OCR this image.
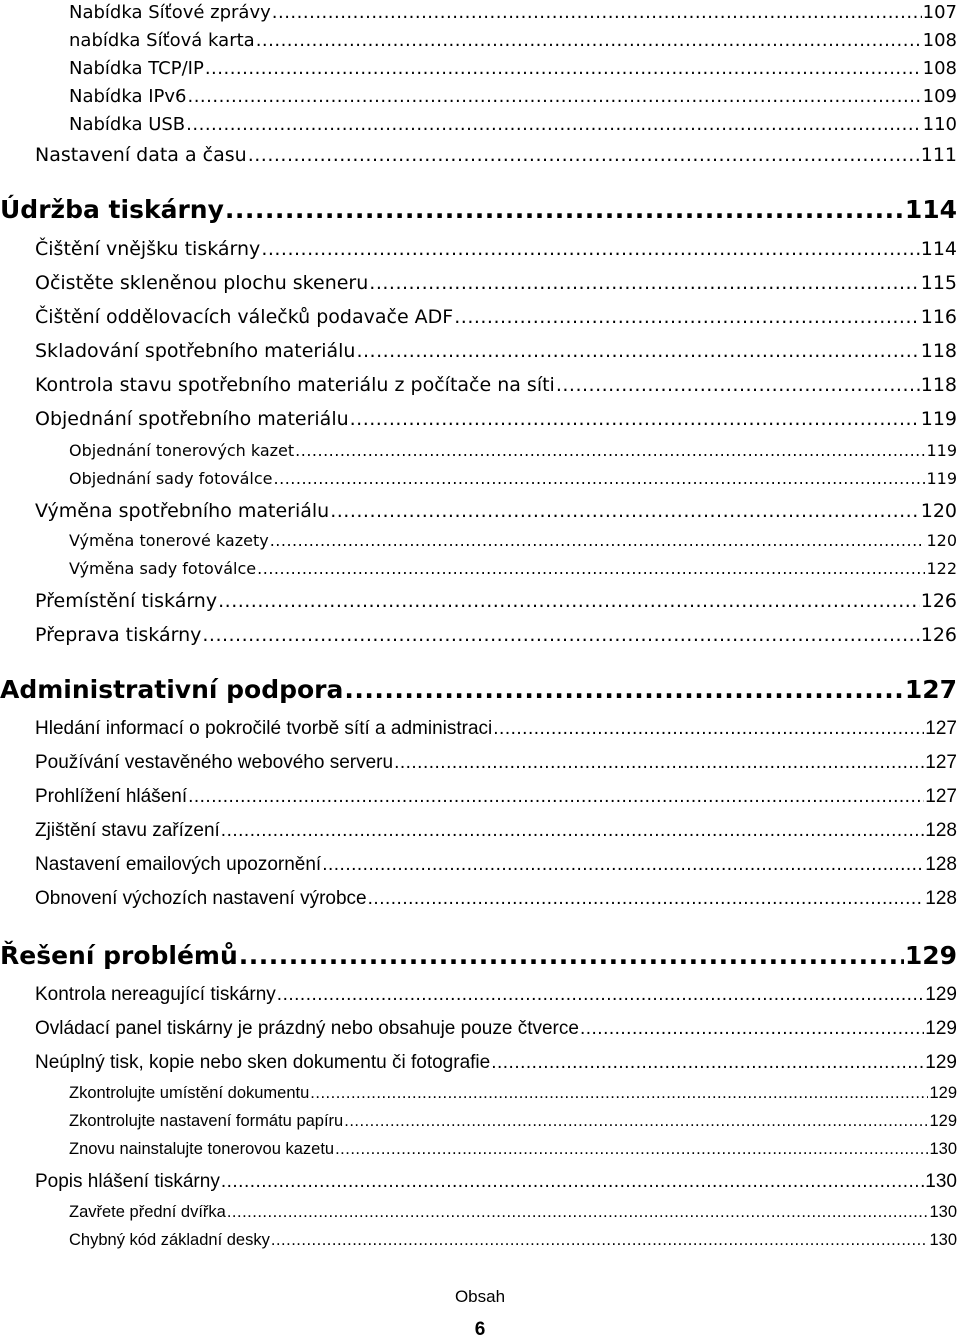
Nabídka Síťové zprávy .....	107
nabídka Síťová karta .....	108
Nabídka TCP/IP .....	108
Nabídka IPv6 .....	109
Nabídka USB .....	110
Nastavení data a času .....	111
Údržba tiskárny .....	114
Čištění vnějšku tiskárny .....	114
Očistěte skleněnou plochu skeneru .....	115
Čištění oddělovacích válečků podavače ADF .....	116
Skladování spotřebního materiálu .....	118
Kontrola stavu spotřebního materiálu z počítače na síti .....	118
Objednání spotřebního materiálu .....	119
Objednání tonerových kazet .....	119
Objednání sady fotoválce .....	119
Výměna spotřebního materiálu .....	120
Výměna tonerové kazety .....	120
Výměna sady fotoválce .....	122
Přemístění tiskárny .....	126
Přeprava tiskárny .....	126
Administrativní podpora .....	127
Hledání informací o pokročilé tvorbě sítí a administraci .....	127
Používání vestavěného webového serveru .....	127
Prohlížení hlášení .....	127
Zjištění stavu zařízení .....	128
Nastavení emailových upozornění .....	128
Obnovení výchozích nastavení výrobce .....	128
Řešení problémů .....	129
Kontrola nereagující tiskárny .....	129
Ovládací panel tiskárny je prázdný nebo obsahuje pouze čtverce .....	129
Neúplný tisk, kopie nebo sken dokumentu či fotografie .....	129
Zkontrolujte umístění dokumentu .....	129
Zkontrolujte nastavení formátu papíru .....	129
Znovu nainstalujte tonerovou kazetu .....	130
Popis hlášení tiskárny .....	130
Zavřete přední dvířka .....	130
Chybný kód základní desky .....	130
Obsah
6
